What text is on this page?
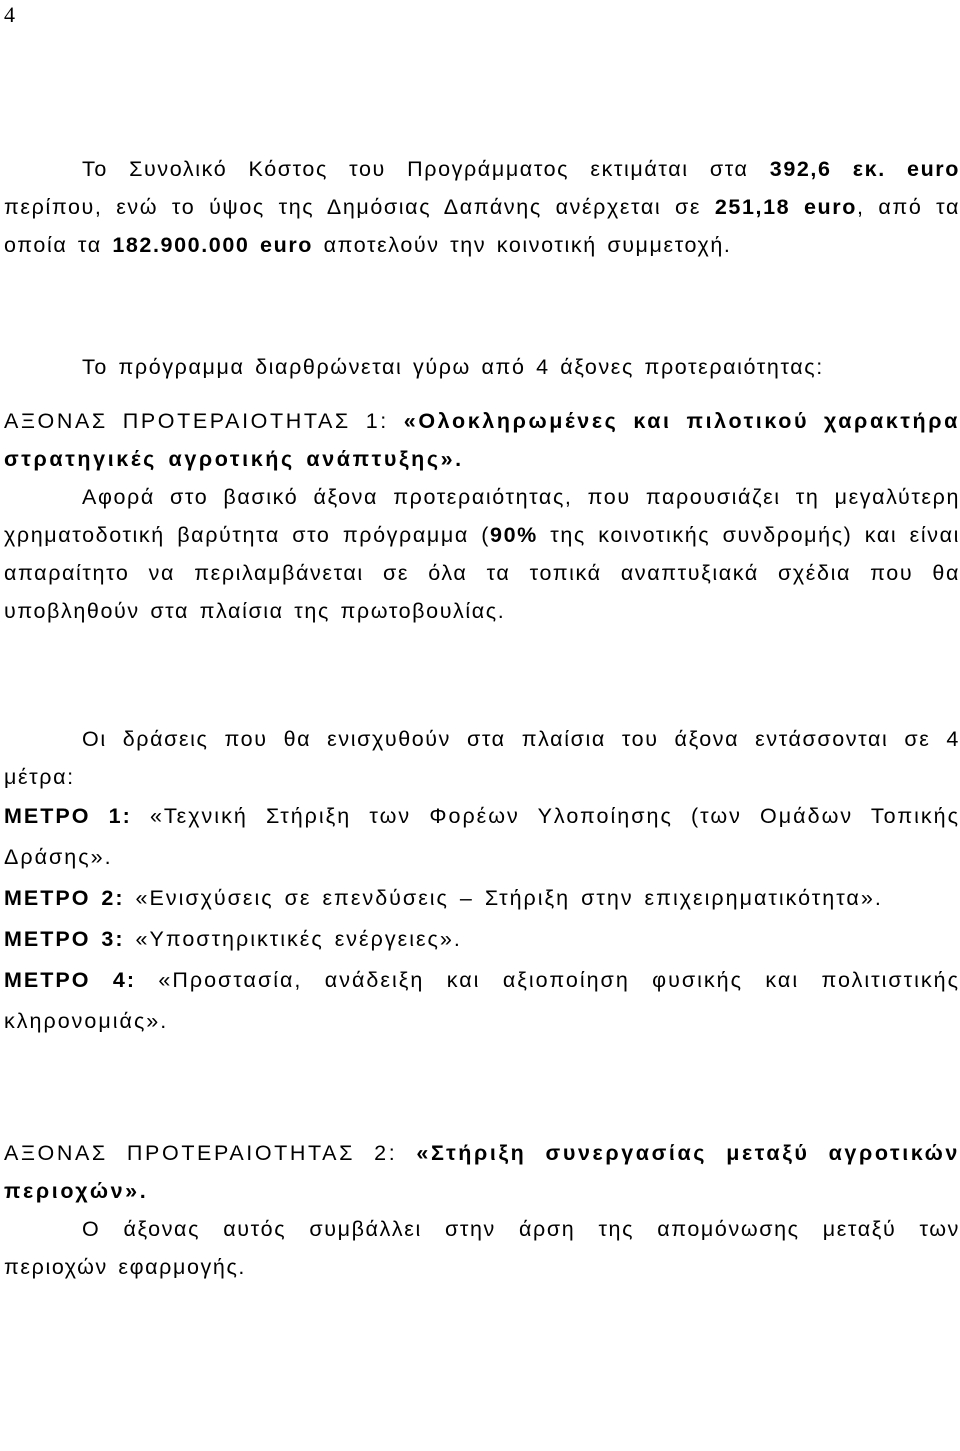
4

Το Συνολικό Κόστος του Προγράμματος εκτιμάται στα 392,6 εκ. euro περίπου, ενώ το ύψος της Δημόσιας Δαπάνης ανέρχεται σε 251,18 euro, από τα οποία τα 182.900.000 euro αποτελούν την κοινοτική συμμετοχή.

Το πρόγραμμα διαρθρώνεται γύρω από 4 άξονες προτεραιότητας:

ΑΞΟΝΑΣ ΠΡΟΤΕΡΑΙΟΤΗΤΑΣ 1: «Ολοκληρωμένες και πιλοτικού χαρακτήρα στρατηγικές αγροτικής ανάπτυξης».

Αφορά στο βασικό άξονα προτεραιότητας, που παρουσιάζει τη μεγαλύτερη χρηματοδοτική βαρύτητα στο πρόγραμμα (90% της κοινοτικής συνδρομής) και είναι απαραίτητο να περιλαμβάνεται σε όλα τα τοπικά αναπτυξιακά σχέδια που θα υποβληθούν στα πλαίσια της πρωτοβουλίας.

Οι δράσεις που θα ενισχυθούν στα πλαίσια του άξονα εντάσσονται σε 4 μέτρα:

ΜΕΤΡΟ 1: «Τεχνική Στήριξη των Φορέων Υλοποίησης (των Ομάδων Τοπικής Δράσης».

ΜΕΤΡΟ 2: «Ενισχύσεις σε επενδύσεις – Στήριξη στην επιχειρηματικότητα».

ΜΕΤΡΟ 3: «Υποστηρικτικές ενέργειες».

ΜΕΤΡΟ 4: «Προστασία, ανάδειξη και αξιοποίηση φυσικής και πολιτιστικής κληρονομιάς».

ΑΞΟΝΑΣ ΠΡΟΤΕΡΑΙΟΤΗΤΑΣ 2: «Στήριξη συνεργασίας μεταξύ αγροτικών περιοχών».

Ο άξονας αυτός συμβάλλει στην άρση της απομόνωσης μεταξύ των περιοχών εφαρμογής.
